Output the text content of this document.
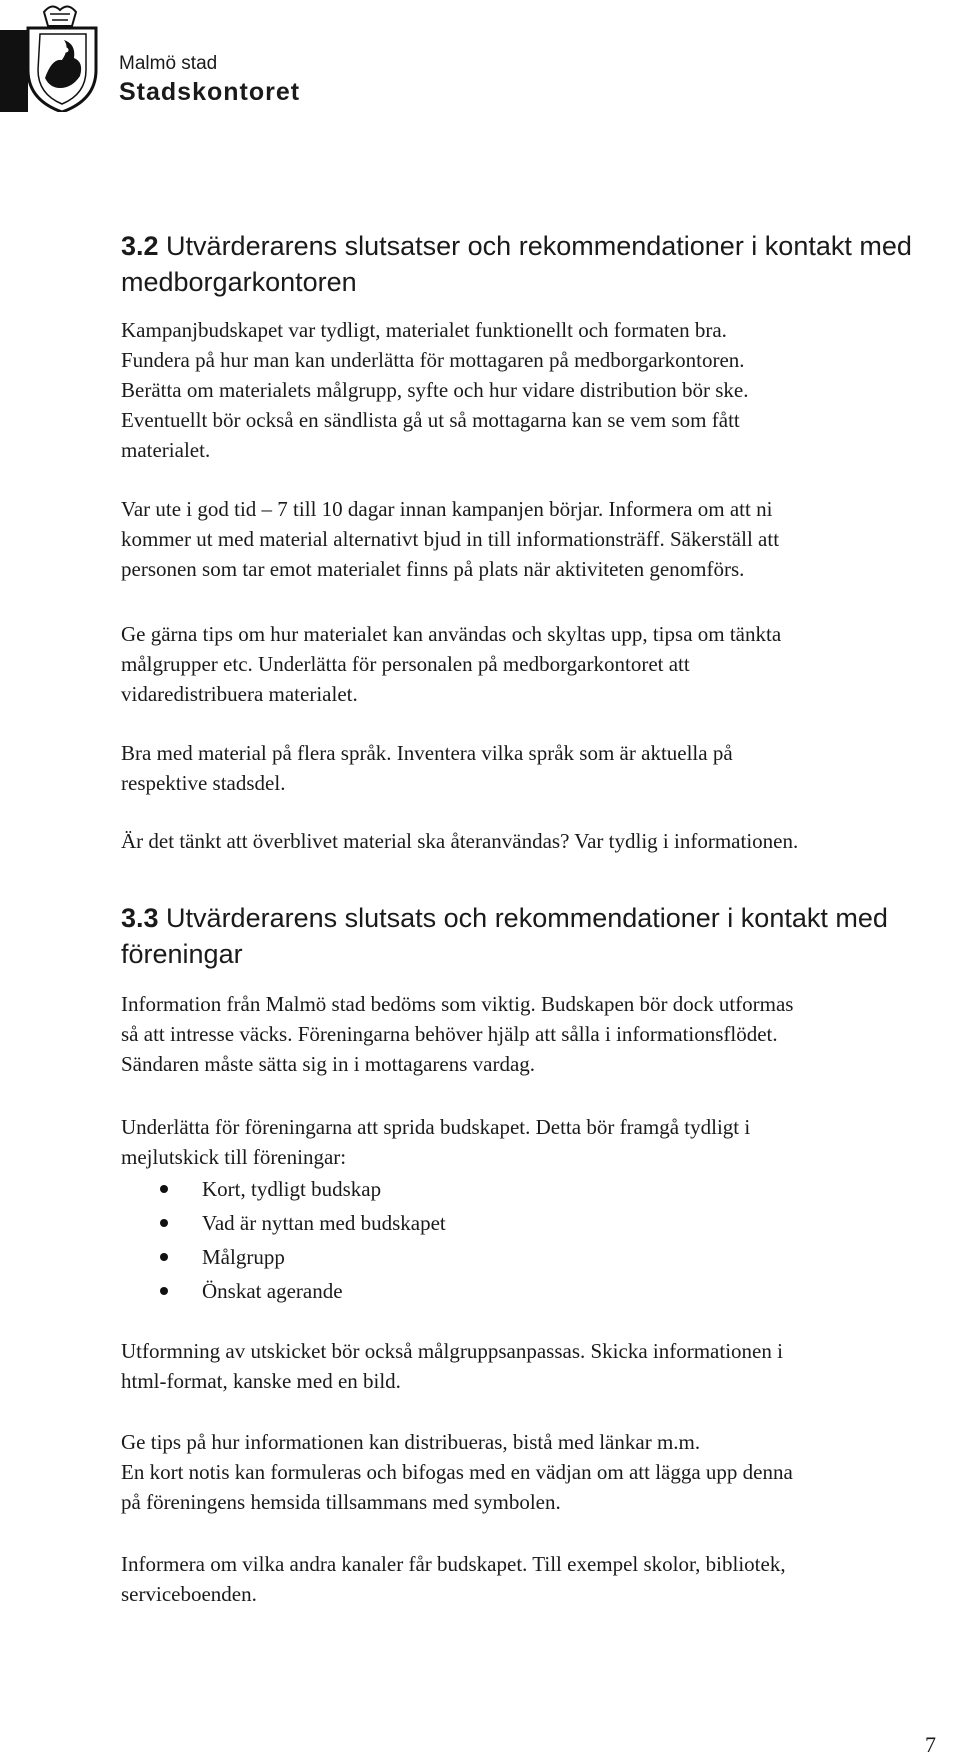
Malmö stad
Stadskontoret
3.2 Utvärderarens slutsatser och rekommendationer i kontakt med medborgarkontoren

Kampanjbudskapet var tydligt, materialet funktionellt och formaten bra.
Fundera på hur man kan underlätta för mottagaren på medborgarkontoren.
Berätta om materialets målgrupp, syfte och hur vidare distribution bör ske.
Eventuellt bör också en sändlista gå ut så mottagarna kan se vem som fått
materialet.

Var ute i god tid – 7 till 10 dagar innan kampanjen börjar. Informera om att ni
kommer ut med material alternativt bjud in till informationsträff. Säkerställ att
personen som tar emot materialet finns på plats när aktiviteten genomförs.

Ge gärna tips om hur materialet kan användas och skyltas upp, tipsa om tänkta
målgrupper etc. Underlätta för personalen på medborgarkontoret att
vidaredistribuera materialet.

Bra med material på flera språk. Inventera vilka språk som är aktuella på
respektive stadsdel.

Är det tänkt att överblivet material ska återanvändas? Var tydlig i informationen.

3.3 Utvärderarens slutsats och rekommendationer i kontakt med föreningar

Information från Malmö stad bedöms som viktig. Budskapen bör dock utformas
så att intresse väcks. Föreningarna behöver hjälp att sålla i informationsflödet.
Sändaren måste sätta sig in i mottagarens vardag.

Underlätta för föreningarna att sprida budskapet. Detta bör framgå tydligt i
mejlutskick till föreningar:

Kort, tydligt budskap
Vad är nyttan med budskapet
Målgrupp
Önskat agerande

Utformning av utskicket bör också målgruppsanpassas. Skicka informationen i
html-format, kanske med en bild.

Ge tips på hur informationen kan distribueras, bistå med länkar m.m.
En kort notis kan formuleras och bifogas med en vädjan om att lägga upp denna
på föreningens hemsida tillsammans med symbolen.

Informera om vilka andra kanaler får budskapet. Till exempel skolor, bibliotek,
serviceboenden.

7
